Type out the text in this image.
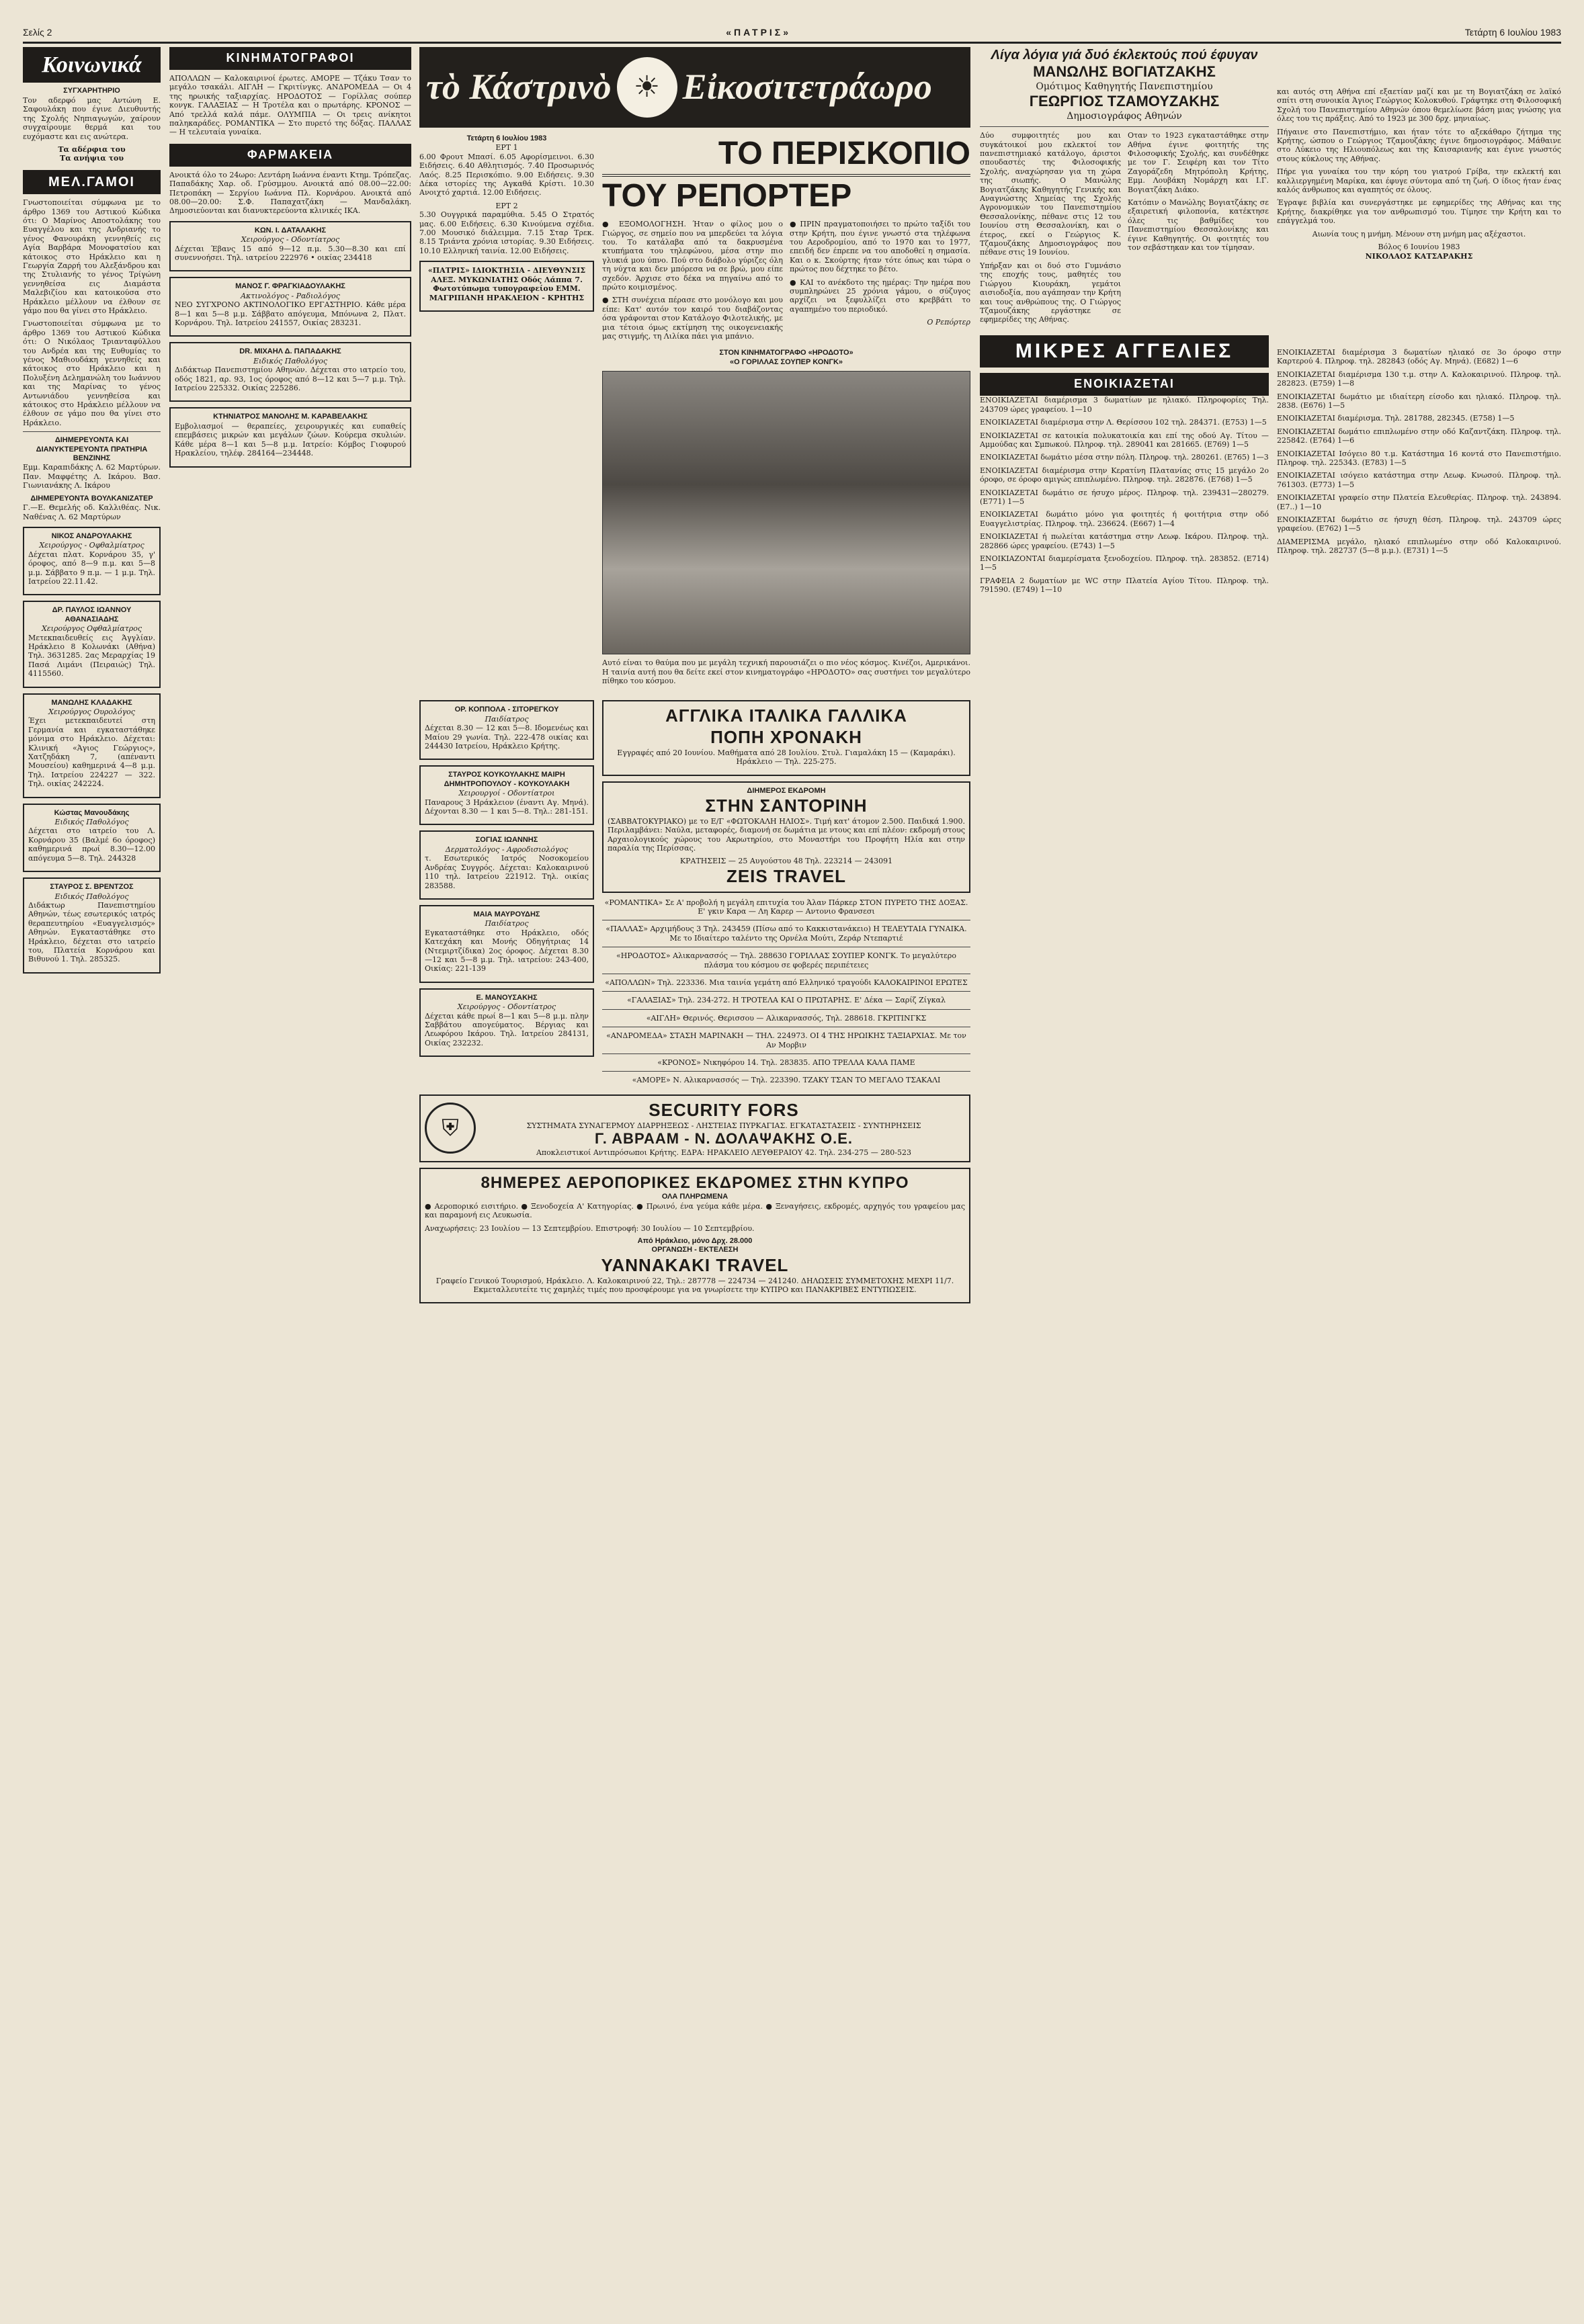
Σελίς 2	«ΠΑΤΡΙΣ»	Τετάρτη 6 Ιουλίου 1983
Κοινωνικά
ΣΥΓΧΑΡΗΤΗΡΙΟ

Τον αδερφό μας Αντώνη Ε. Σαφουλάκη που έγινε Διευθυντής της Σχολής Νηπιαγωγών, χαίρουν συγχαίρουμε θερμά και του ευχόμαστε και εις ανώτερα.

Τα αδέρφια του
Τα ανήψια του
ΜΕΛ.ΓΑΜΟΙ

Γνωστοποιείται σύμφωνα με το άρθρο 1369 του Αστικού Κώδικα ότι: Ο Μαρίνος Αποστολάκης του Ευαγγέλου και της Ανδριανής το γένος Φανουράκη γεννηθείς εις Αγία Βαρβάρα Μονοφατσίου και κάτοικος στο Ηράκλειο και η Γεωργία Ζαρρή του Αλεξάνδρου και της Στυλιανής το γένος Τρίγώνη γεννηθείσα εις Διαμάστα Μαλεβιζίου και κατοικούσα στο Ηράκλειο μέλλουν να έλθουν σε γάμο που θα γίνει στο Ηράκλειο.

Γνωστοποιείται σύμφωνα με το άρθρο 1369 του Αστικού Κώδικα ότι: Ο Νικόλαος Τριανταφύλλου του Ανδρέα και της Ευθυμίας το γένος Μαθιουδάκη γεννηθείς και κάτοικος στο Ηράκλειο και η Πολυξένη Δελημανώλη του Ιωάννου και της Μαρίνας το γένος Αντωνιάδου γεννηθείσα και κάτοικος στο Ηράκλειο μέλλουν να έλθουν σε γάμο που θα γίνει στο Ηράκλειο.

ΔΙΗΜΕΡΕΥΟΝΤΑ ΚΑΙ ΔΙΑΝΥΚΤΕΡΕΥΟΝΤΑ ΠΡΑΤΗΡΙΑ ΒΕΝΖΙΝΗΣ

Εμμ. Καραπιδάκης Λ. 62 Μαρτύρων. Παν. Μαφφέτης Λ. Ικάρου. Βασ. Γιωνιανάκης Λ. Ικάρου

ΔΙΗΜΕΡΕΥΟΝΤΑ ΒΟΥΛΚΑΝΙΖΑΤΕΡ

Γ.—Ε. Θεμελής οδ. Καλλιθέας. Νικ. Ναθένας Λ. 62 Μαρτύρων

ΝΙΚΟΣ ΑΝΔΡΟΥΛΑΚΗΣ
Χειρούργος - Οφθαλμίατρος

Δέχεται πλατ. Κορνάρου 35, γ' όροφος, από 8—9 π.μ. και 5—8 μ.μ. Σάββατο 9 π.μ. — 1 μ.μ. Τηλ. Ιατρείου 22.11.42.

ΔΡ. ΠΑΥΛΟΣ ΙΩΑΝΝΟΥ ΑΘΑΝΑΣΙΑΔΗΣ
Χειρούργος Οφθαλμίατρος

Μετεκπαιδευθείς εις Άγγλίαν. Ηράκλειο 8 Κολωνάκι (Αθήνα) Τηλ. 3631285. 2ας Μεραρχίας 19 Πασά Λιμάνι (Πειραιώς) Τηλ. 4115560.

ΜΑΝΩΛΗΣ ΚΛΑΔΑΚΗΣ
Χειρούργος Ουρολόγος

Έχει μετεκπαιδευτεί στη Γερμανία και εγκαταστάθηκε μόνιμα στο Ηράκλειο. Δέχεται: Κλινική «Άγιος Γεώργιος», Χατζηδάκη 7, (απέναντι Μουσείου) καθημερινά 4—8 μ.μ. Τηλ. Ιατρείου 224227 — 322. Τηλ. οικίας 242224.

Κώστας Μανουδάκης
Ειδικός Παθολόγος

Δέχεται στο ιατρείο του Λ. Κορνάρου 35 (Βαλμέ 6ο όροφος) καθημερινά πρωί 8.30—12.00 απόγευμα 5—8. Τηλ. 244328

ΣΤΑΥΡΟΣ Σ. ΒΡΕΝΤΖΟΣ
Ειδικός Παθολόγος

Διδάκτωρ Πανεπιστημίου Αθηνών, τέως εσωτερικός ιατρός θεραπευτηρίου «Ευαγγελισμός» Αθηνών. Εγκαταστάθηκε στο Ηράκλειο, δέχεται στο ιατρείο του, Πλατεία Κορνάρου και Βιθυνού 1. Τηλ. 285325.

ΚΙΝΗΜΑΤΟΓΡΑΦΟΙ

ΑΠΟΛΛΩΝ — Καλοκαιρινοί έρωτες. ΑΜΟΡΕ — Τζάκυ Τσαν το μεγάλο τσακάλι. ΑΙΓΛΗ — Γκριτίνγκς. ΑΝΔΡΟΜΕΔΑ — Οι 4 της ηρωικής ταξιαρχίας. ΗΡΟΔΟΤΟΣ — Γορίλλας σούπερ κονγκ. ΓΑΛΑΞΙΑΣ — Η Τροτέλα και ο πρωτάρης. ΚΡΟΝΟΣ — Από τρελλά καλά πάμε. ΟΛΥΜΠΙΑ — Οι τρεις ανίκητοι παληκαράδες. ΡΟΜΑΝΤΙΚΑ — Στο πυρετό της δόξας. ΠΑΛΛΑΣ — Η τελευταία γυναίκα.

ΦΑΡΜΑΚΕΙΑ

Ανοικτά όλο το 24ωρο: Λεντάρη Ιωάννα έναντι Κτημ. Τρόπεζας. Παπαδάκης Χαρ. οδ. Γρύσμμου. Ανοικτά από 08.00—22.00: Πετροπάκη — Σεργίου Ιωάννα Πλ. Κορνάρου. Ανοικτά από 08.00—20.00: Σ.Φ. Παπαχατζάκη — Μανδαλάκη. Δημοσιεύονται και διανυκτερεύοντα κλινικές ΙΚΑ.

ΚΩΝ. Ι. ΔΑΤΑΛΑΚΗΣ
Χειρούργος - Οδοντίατρος

Δέχεται Έβανς 15 από 9—12 π.μ. 5.30—8.30 και επί συνεννοήσει. Τηλ. ιατρείου 222976 • οικίας 234418

ΜΑΝΟΣ Γ. ΦΡΑΓΚΙΑΔΟΥΛΑΚΗΣ
Ακτινολόγος - Ραδιολόγος

ΝΕΟ ΣΥΓΧΡΟΝΟ ΑΚΤΙΝΟΛΟΓΙΚΟ ΕΡΓΑΣΤΗΡΙΟ. Κάθε μέρα 8—1 και 5—8 μ.μ. Σάββατο απόγευμα, Μπόνωνα 2, Πλατ. Κορνάρου. Τηλ. Ιατρείου 241557, Οικίας 283231.

DR. ΜΙΧΑΗΛ Δ. ΠΑΠΑΔΑΚΗΣ
Ειδικός Παθολόγος

Διδάκτωρ Πανεπιστημίου Αθηνών. Δέχεται στο ιατρείο του, οδός 1821, αρ. 93, 1ος όροφος από 8—12 και 5—7 μ.μ. Τηλ. Ιατρείου 225332. Οικίας 225286.

ΚΤΗΝΙΑΤΡΟΣ ΜΑΝΟΛΗΣ Μ. ΚΑΡΑΒΕΛΑΚΗΣ

Εμβολιασμοί — θεραπείες, χειρουργικές και ευπαθείς επεμβάσεις μικρών και μεγάλων ζώων. Κούρεμα σκυλιών. Κάθε μέρα 8—1 και 5—8 μ.μ. Ιατρείο: Κόμβος Γιοφυρού Ηρακλείου, τηλέφ. 284164—234448.

τὸ Κάστρινὸ ☀ Εἰκοσιτετράωρο
Τετάρτη 6 Ιουλίου 1983
ΕΡΤ 1

6.00 Φρουτ Μπασί. 6.05 Αφορίσμεινοι. 6.30 Ειδήσεις. 6.40 Αθλητισμός. 7.40 Προσωρινός Λαός. 8.25 Περισκόπιο. 9.00 Ειδήσεις. 9.30 Δέκα ιστορίες της Αγκαθά Κρίστι. 10.30 Ανοιχτό χαρτιά. 12.00 Ειδήσεις.

ΕΡΤ 2

5.30 Ουγγρικά παραμύθια. 5.45 Ο Στρατός μας. 6.00 Ειδήσεις. 6.30 Κινούμενα σχέδια. 7.00 Μουσικό διάλειμμα. 7.15 Σταρ Τρεκ. 8.15 Τριάντα χρόνια ιστορίας. 9.30 Ειδήσεις. 10.10 Ελληνική ταινία. 12.00 Ειδήσεις.

«ΠΑΤΡΙΣ» ΙΔΙΟΚΤΗΣΙΑ - ΔΙΕΥΘΥΝΣΙΣ ΑΛΕΞ. ΜΥΚΩΝΙΑΤΗΣ Οδός Λάππα 7. Φωτοτύπωμα τυπογραφείου ΕΜΜ. ΜΑΓΡΙΠΑΝΗ ΗΡΑΚΛΕΙΟΝ - ΚΡΗΤΗΣ

ΤΟ ΠΕΡΙΣΚΟΠΙΟ
ΤΟΥ ΡΕΠΟΡΤΕΡ

● ΕΞΟΜΟΛΟΓΗΣΗ. Ήταν ο φίλος μου ο Γιώργος, σε σημείο που να μπερδεύει τα λόγια του. Το κατάλαβα από τα δακρυσμένα κτυπήματα του τηλεφώνου, μέσα στην πιο γλυκιά μου ύπνο. Πού στο διάβολο γύριζες όλη τη νύχτα και δεν μπόρεσα να σε βρώ, μου είπε σχεδόν. Άρχισε στο δέκα να πηγαίνω από το πρώτο κοιμισμένος.

● ΣΤΗ συνέχεια πέρασε στο μονόλογο και μου είπε: Κατ' αυτόν τον καιρό του διαβάζοντας όσα γράφονται στον Κατάλογο Φιλοτελικής, με μια τέτοια όμως εκτίμηση της οικογενειακής μας στιγμής, τη Λιλίκα πάει για μπάνιο.

● ΠΡΙΝ πραγματοποιήσει το πρώτο ταξίδι του στην Κρήτη, που έγινε γνωστό στα τηλέφωνα του Αεροδρομίου, από το 1970 και το 1977, επειδή δεν έπρεπε να του αποδοθεί η σημασία. Και ο κ. Σκούρτης ήταν τότε όπως και τώρα ο πρώτος που δέχτηκε το βέτο.

● ΚΑΙ το ανέκδοτο της ημέρας: Την ημέρα που συμπληρώνει 25 χρόνια γάμου, ο σύζυγος αρχίζει να ξεφυλλίζει στο κρεββάτι το αγαπημένο του περιοδικό.

Ο Ρεπόρτερ
ΣΤΟΝ ΚΙΝΗΜΑΤΟΓΡΑΦΟ «ΗΡΟΔΟΤΟ»
«Ο ΓΟΡΙΛΛΑΣ ΣΟΥΠΕΡ ΚΟΝΓΚ»

Αυτό είναι το θαύμα που με μεγάλη τεχνική παρουσιάζει ο πιο νέος κόσμος. Κινέζοι, Αμερικάνοι. Η ταινία αυτή που θα δείτε εκεί στον κινηματογράφο «ΗΡΟΔΟΤΟ» σας συστήνει τον μεγαλύτερο πίθηκο του κόσμου.

ΟΡ. ΚΟΠΠΟΛΑ - ΣΙΤΟΡΕΓΚΟΥ
Παιδίατρος

Δέχεται 8.30 — 12 και 5—8. Ιδομενέως και Μαίου 29 γωνία. Τηλ. 222-478 οικίας και 244430 Ιατρείου, Ηράκλειο Κρήτης.

ΣΤΑΥΡΟΣ ΚΟΥΚΟΥΛΑΚΗΣ ΜΑΙΡΗ
ΔΗΜΗΤΡΟΠΟΥΛΟΥ - ΚΟΥΚΟΥΛΑΚΗ
Χειρουργοί - Οδοντίατροι

Παναρους 3 Ηράκλειον (έναντι Αγ. Μηνά). Δέχονται 8.30 — 1 και 5—8. Τηλ.: 281-151.

ΣΟΓΙΑΣ ΙΩΑΝΝΗΣ
Δερματολόγος - Αφροδισιολόγος

τ. Εσωτερικός Ιατρός Νοσοκομείου Ανδρέας Συγγρός. Δέχεται: Καλοκαιρινού 110 τηλ. Ιατρείου 221912. Τηλ. οικίας 283588.

ΜΑΙΑ ΜΑΥΡΟΥΔΗΣ
Παιδίατρος

Εγκαταστάθηκε στο Ηράκλειο, οδός Κατεχάκη και Μονής Οδηγήτριας 14 (Ντεμιρτζίδικα) 2ος όροφος. Δέχεται 8.30—12 και 5—8 μ.μ. Τηλ. ιατρείου: 243-400, Οικίας: 221-139

Ε. ΜΑΝΟΥΣΑΚΗΣ
Χειρούργος - Οδοντίατρος

Δέχεται κάθε πρωί 8—1 και 5—8 μ.μ. πλην Σαββάτου απογεύματος. Βέργιας και Λεωφόρου Ικάρου. Τηλ. Ιατρείου 284131, Οικίας 232232.

ΑΓΓΛΙΚΑ ΙΤΑΛΙΚΑ ΓΑΛΛΙΚΑ
ΠΟΠΗ ΧΡΟΝΑΚΗ

Εγγραφές από 20 Ιουνίου. Μαθήματα από 28 Ιουλίου. Στυλ. Γιαμαλάκη 15 — (Καμαράκι). Ηράκλειο — Τηλ. 225-275.

ΔΙΗΜΕΡΟΣ ΕΚΔΡΟΜΗ
ΣΤΗΝ ΣΑΝΤΟΡΙΝΗ

(ΣΑΒΒΑΤΟΚΥΡΙΑΚΟ) με το Ε/Γ «ΦΩΤΟΚΑΛΗ ΗΛΙΟΣ». Τιμή κατ' άτομον 2.500. Παιδικά 1.900. Περιλαμβάνει: Ναύλα, μεταφορές, διαμονή σε δωμάτια με ντους και επί πλέον: εκδρομή στους Αρχαιολογικούς χώρους του Ακρωτηρίου, στο Μοναστήρι του Προφήτη Ηλία και στην παραλία της Περίσσας.

ΚΡΑΤΗΣΕΙΣ — 25 Αυγούστου 48 Τηλ. 223214 — 243091
ZEIS TRAVEL

«ΡΟΜΑΝΤΙΚΑ» Σε Α' προβολή η μεγάλη επιτυχία του Άλαν Πάρκερ ΣΤΟΝ ΠΥΡΕΤΟ ΤΗΣ ΔΟΞΑΣ. Ε' γκιν Καρα — Λη Καρερ — Αντονιο Φρανσεσι

«ΠΑΛΛΑΣ» Αρχιμήδους 3 Τηλ. 243459 (Πίσω από το Κακκιστανάκειο) Η ΤΕΛΕΥΤΑΙΑ ΓΥΝΑΙΚΑ. Με το Ιδιαίτερο ταλέντο της Ορνέλα Μούτι, Ζεράρ Ντεπαρτιέ

«ΗΡΟΔΟΤΟΣ» Αλικαρνασσός — Τηλ. 288630 ΓΟΡΙΛΛΑΣ ΣΟΥΠΕΡ ΚΟΝΓΚ. Το μεγαλύτερο πλάσμα του κόσμου σε φοβερές περιπέτειες

«ΑΠΟΛΛΩΝ» Τηλ. 223336. Μια ταινία γεμάτη από Ελληνικό τραγούδι ΚΑΛΟΚΑΙΡΙΝΟΙ ΕΡΩΤΕΣ

«ΓΑΛΑΞΙΑΣ» Τηλ. 234-272. Η ΤΡΟΤΕΛΑ ΚΑΙ Ο ΠΡΩΤΑΡΗΣ. Ε' Δέκα — Σαρίζ Ζίγκαλ

«ΑΙΓΛΗ» Θερινός. Θερισσου — Αλικαρνασσός, Τηλ. 288618. ΓΚΡΙΤΙΝΓΚΣ

«ΑΝΔΡΟΜΕΔΑ» ΣΤΑΣΗ ΜΑΡΙΝΑΚΗ — ΤΗΛ. 224973. ΟΙ 4 ΤΗΣ ΗΡΩΙΚΗΣ ΤΑΞΙΑΡΧΙΑΣ. Με τον Αν Μορβιν

«ΚΡΟΝΟΣ» Νικηφόρου 14. Τηλ. 283835. ΑΠΟ ΤΡΕΛΛΑ ΚΑΛΑ ΠΑΜΕ

«ΑΜΟΡΕ» Ν. Αλικαρνασσός — Τηλ. 223390. ΤΖΑΚΥ ΤΣΑΝ ΤΟ ΜΕΓΑΛΟ ΤΣΑΚΑΛΙ

⛨
SECURITY FORS
ΣΥΣΤΗΜΑΤΑ ΣΥΝΑΓΕΡΜΟΥ ΔΙΑΡΡΗΞΕΩΣ - ΛΗΣΤΕΙΑΣ ΠΥΡΚΑΓΙΑΣ. ΕΓΚΑΤΑΣΤΑΣΕΙΣ - ΣΥΝΤΗΡΗΣΕΙΣ
Γ. ΑΒΡΑΑΜ - Ν. ΔΟΛΑΨΑΚΗΣ Ο.Ε.
Αποκλειστικοί Αντιπρόσωποι Κρήτης. ΕΔΡΑ: ΗΡΑΚΛΕΙΟ ΛΕΥΘΕΡΑΙΟΥ 42. Τηλ. 234-275 — 280-523
8ΗΜΕΡΕΣ ΑΕΡΟΠΟΡΙΚΕΣ ΕΚΔΡΟΜΕΣ ΣΤΗΝ ΚΥΠΡΟ
ΟΛΑ ΠΛΗΡΩΜΕΝΑ

● Αεροπορικό εισιτήριο. ● Ξενοδοχεία Α' Κατηγορίας. ● Πρωινό, ένα γεύμα κάθε μέρα. ● Ξεναγήσεις, εκδρομές, αρχηγός του γραφείου μας και παραμονή εις Λευκωσία.

Αναχωρήσεις: 23 Ιουλίου — 13 Σεπτεμβρίου. Επιστροφή: 30 Ιουλίου — 10 Σεπτεμβρίου.

Από Ηράκλειο, μόνο Δρχ. 28.000
ΟΡΓΑΝΩΣΗ - ΕΚΤΕΛΕΣΗ
YANNAKAKI TRAVEL

Γραφείο Γενικού Τουρισμού, Ηράκλειο. Λ. Καλοκαιρινού 22, Τηλ.: 287778 — 224734 — 241240. ΔΗΛΩΣΕΙΣ ΣΥΜΜΕΤΟΧΗΣ ΜΕΧΡΙ 11/7. Εκμεταλλευτείτε τις χαμηλές τιμές που προσφέρουμε για να γνωρίσετε την ΚΥΠΡΟ και ΠΑΝΑΚΡΙΒΕΣ ΕΝΤΥΠΩΣΕΙΣ.

Λίγα λόγια γιά δυό έκλεκτούς πού έφυγαν
ΜΑΝΩΛΗΣ ΒΟΓΙΑΤΖΑΚΗΣ
Ομότιμος Καθηγητής Πανεπιστημίου
ΓΕΩΡΓΙΟΣ ΤΖΑΜΟΥΖΑΚΗΣ
Δημοσιογράφος Αθηνών

Δύο συμφοιτητές μου και συγκάτοικοί μου εκλεκτοί τον πανεπιστημιακό κατάλογο, άριστοι σπουδαστές της Φιλοσοφικής Σχολής, αναχώρησαν για τη χώρα της σιωπής. Ο Μανώλης Βογιατζάκης Καθηγητής Γενικής και Αναγνώστης Χημείας της Σχολής Αγρονομικών του Πανεπιστημίου Θεσσαλονίκης, πέθανε στις 12 του Ιουνίου στη Θεσσαλονίκη, και ο έτερος, εκεί ο Γεώργιος Κ. Τζαμουζάκης Δημοσιογράφος που πέθανε στις 19 Ιουνίου.

Υπήρξαν και οι δυό στο Γυμνάσιο της εποχής τους, μαθητές του Γιώργου Κιουράκη, γεμάτοι αισιοδοξία, που αγάπησαν την Κρήτη και τους ανθρώπους της. Ο Γιώργος Τζαμουζάκης εργάστηκε σε εφημερίδες της Αθήνας.

Οταν το 1923 εγκαταστάθηκε στην Αθήνα έγινε φοιτητής της Φιλοσοφικής Σχολής, και συνδέθηκε με τον Γ. Σειφέρη και τον Τίτο Ζαγοράζεδη Μητρόπολη Κρήτης, Εμμ. Λουβάκη Νομάρχη και Ι.Γ. Βογιατζάκη Διάκο.

Κατόπιν ο Μανώλης Βογιατζάκης σε εξαιρετική φιλοπονία, κατέκτησε όλες τις βαθμίδες του Πανεπιστημίου Θεσσαλονίκης και έγινε Καθηγητής. Οι φοιτητές του τον σεβάστηκαν και τον τίμησαν.

ΜΙΚΡΕΣ ΑΓΓΕΛΙΕΣ
ΕΝΟΙΚΙΑΖΕΤΑΙ

ΕΝΟΙΚΙΑΖΕΤΑΙ διαμέρισμα 3 δωματίων με ηλιακό. Πληροφορίες Τηλ. 243709 ώρες γραφείου. 1—10

ΕΝΟΙΚΙΑΖΕΤΑΙ διαμέρισμα στην Λ. Θερίσσου 102 τηλ. 284371. (Ε753) 1—5

ΕΝΟΙΚΙΑΖΕΤΑΙ σε κατοικία πολυκατοικία και επί της οδού Αγ. Τίτου — Αμμούδας και Σμπωκού. Πληροφ. τηλ. 289041 και 281665. (Ε769) 1—5

ΕΝΟΙΚΙΑΖΕΤΑΙ δωμάτιο μέσα στην πόλη. Πληροφ. τηλ. 280261. (Ε765) 1—3

ΕΝΟΙΚΙΑΖΕΤΑΙ διαμέρισμα στην Κερατίνη Πλατανίας στις 15 μεγάλο 2ο όροφο, σε όροφο αμιγώς επιπλωμένο. Πληροφ. τηλ. 282876. (Ε768) 1—5

ΕΝΟΙΚΙΑΖΕΤΑΙ δωμάτιο σε ήσυχο μέρος. Πληροφ. τηλ. 239431—280279. (Ε771) 1—5

ΕΝΟΙΚΙΑΖΕΤΑΙ δωμάτιο μόνο για φοιτητές ή φοιτήτρια στην οδό Ευαγγελιστρίας. Πληροφ. τηλ. 236624. (Ε667) 1—4

ΕΝΟΙΚΙΑΖΕΤΑΙ ή πωλείται κατάστημα στην Λεωφ. Ικάρου. Πληροφ. τηλ. 282866 ώρες γραφείου. (Ε743) 1—5

ΕΝΟΙΚΙΑΖΟΝΤΑΙ διαμερίσματα ξενοδοχείου. Πληροφ. τηλ. 283852. (Ε714) 1—5

ΓΡΑΦΕΙΑ 2 δωματίων με WC στην Πλατεία Αγίου Τίτου. Πληροφ. τηλ. 791590. (Ε749) 1—10

και αυτός στη Αθήνα επί εξαετίαν μαζί και με τη Βογιατζάκη σε λαϊκό σπίτι στη συνοικία Άγιος Γεώργιος Κολοκυθού. Γράφτηκε στη Φιλοσοφική Σχολή του Πανεπιστημίου Αθηνών όπου θεμελίωσε βάση μιας γνώσης για όλες του τις πράξεις. Από το 1923 με 300 δρχ. μηνιαίως.

Πήγαινε στο Πανεπιστήμιο, και ήταν τότε το αξεκάθαρο ζήτημα της Κρήτης, ώσπου ο Γεώργιος Τζαμουζάκης έγινε δημοσιογράφος. Μάθαινε στο Λύκειο της Ηλιουπόλεως και της Καισαριανής και έγινε γνωστός στους κύκλους της Αθήνας.

Πήρε για γυναίκα του την κόρη του γιατρού Γρίβα, την εκλεκτή και καλλιεργημένη Μαρίκα, και έφυγε σύντομα από τη ζωή. Ο ίδιος ήταν ένας καλός άνθρωπος και αγαπητός σε όλους.

Έγραψε βιβλία και συνεργάστηκε με εφημερίδες της Αθήνας και της Κρήτης, διακρίθηκε για τον ανθρωπισμό του. Τίμησε την Κρήτη και το επάγγελμά του.

Αιωνία τους η μνήμη. Μένουν στη μνήμη μας αξέχαστοι.

Βόλος 6 Ιουνίου 1983
ΝΙΚΟΛΑΟΣ ΚΑΤΣΑΡΑΚΗΣ

ΕΝΟΙΚΙΑΖΕΤΑΙ διαμέρισμα 3 δωματίων ηλιακό σε 3ο όροφο στην Καρτερού 4. Πληροφ. τηλ. 282843 (οδός Αγ. Μηνά). (Ε682) 1—6

ΕΝΟΙΚΙΑΖΕΤΑΙ διαμέρισμα 130 τ.μ. στην Λ. Καλοκαιρινού. Πληροφ. τηλ. 282823. (Ε759) 1—8

ΕΝΟΙΚΙΑΖΕΤΑΙ δωμάτιο με ιδιαίτερη είσοδο και ηλιακό. Πληροφ. τηλ. 2838. (Ε676) 1—5

ΕΝΟΙΚΙΑΖΕΤΑΙ διαμέρισμα. Τηλ. 281788, 282345. (Ε758) 1—5

ΕΝΟΙΚΙΑΖΕΤΑΙ δωμάτιο επιπλωμένο στην οδό Καζαντζάκη. Πληροφ. τηλ. 225842. (Ε764) 1—6

ΕΝΟΙΚΙΑΖΕΤΑΙ Ισόγειο 80 τ.μ. Κατάστημα 16 κοντά στο Πανεπιστήμιο. Πληροφ. τηλ. 225343. (Ε783) 1—5

ΕΝΟΙΚΙΑΖΕΤΑΙ ισόγειο κατάστημα στην Λεωφ. Κνωσού. Πληροφ. τηλ. 761303. (Ε773) 1—5

ΕΝΟΙΚΙΑΖΕΤΑΙ γραφείο στην Πλατεία Ελευθερίας. Πληροφ. τηλ. 243894. (Ε7..) 1—10

ΕΝΟΙΚΙΑΖΕΤΑΙ δωμάτιο σε ήσυχη θέση. Πληροφ. τηλ. 243709 ώρες γραφείου. (Ε762) 1—5

ΔΙΑΜΕΡΙΣΜΑ μεγάλο, ηλιακό επιπλωμένο στην οδό Καλοκαιρινού. Πληροφ. τηλ. 282737 (5—8 μ.μ.). (Ε731) 1—5
